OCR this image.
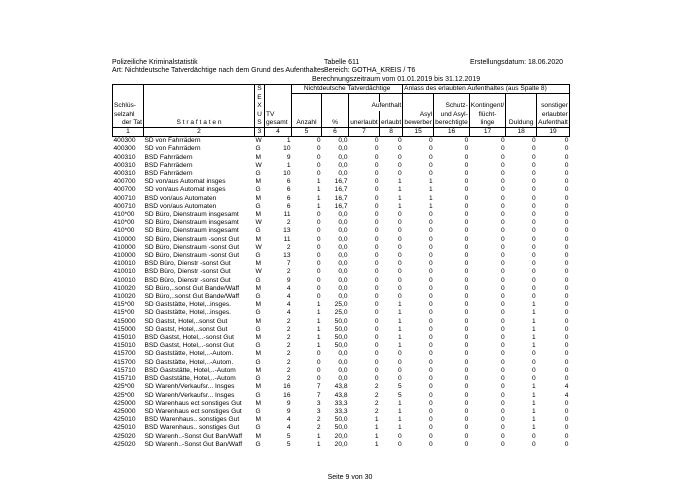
Polizeiliche Kriminalstatistik	Tabelle 611	Erstellungsdatum: 18.06.2020
Art: Nichtdeutsche Tatverdächtige nach dem Grund des Aufenthaltes Bereich: GOTHA_KREIS / T6
Berechnungszeitraum vom 01.01.2019 bis 31.12.2019
		S		Nichtdeutsche Tatverdächtige				Anlass des erlaubten Aufenthaltes (aus Spalte 8)				
		E										
Schlüs-		X				Aufenthalt			Schutz-	Kontingent/		sonstiger
selzahl		U	TV					Asyl	und Asyl-	flücht-		erlaubter
der Tat	S t r a f t a t e n	S	gesamt	Anzahl	%	unerlaubt	erlaubt	bewerber	berechtigte	linge	Duldung	Aufenthalt
1	2	3	4	5	6	7	8	15	16	17	18	19
400300	SD von Fahrrädern	W	1	0	0,0	0	0	0	0	0	0	0
400300	SD von Fahrrädern	G	10	0	0,0	0	0	0	0	0	0	0
400310	BSD Fahrrädern	M	9	0	0,0	0	0	0	0	0	0	0
400310	BSD Fahrrädern	W	1	0	0,0	0	0	0	0	0	0	0
400310	BSD Fahrrädern	G	10	0	0,0	0	0	0	0	0	0	0
400700	SD von/aus Automat insges	M	6	1	16,7	0	1	1	0	0	0	0
400700	SD von/aus Automat insges	G	6	1	16,7	0	1	1	0	0	0	0
400710	BSD von/aus Automaten	M	6	1	16,7	0	1	1	0	0	0	0
400710	BSD von/aus Automaten	G	6	1	16,7	0	1	1	0	0	0	0
410*00	SD Büro, Dienstraum insgesamt	M	11	0	0,0	0	0	0	0	0	0	0
410*00	SD Büro, Dienstraum insgesamt	W	2	0	0,0	0	0	0	0	0	0	0
410*00	SD Büro, Dienstraum insgesamt	G	13	0	0,0	0	0	0	0	0	0	0
410000	SD Büro, Dienstraum -sonst Gut	M	11	0	0,0	0	0	0	0	0	0	0
410000	SD Büro, Dienstraum -sonst Gut	W	2	0	0,0	0	0	0	0	0	0	0
410000	SD Büro, Dienstraum -sonst Gut	G	13	0	0,0	0	0	0	0	0	0	0
410010	BSD Büro, Dienstr -sonst Gut	M	7	0	0,0	0	0	0	0	0	0	0
410010	BSD Büro, Dienstr -sonst Gut	W	2	0	0,0	0	0	0	0	0	0	0
410010	BSD Büro, Dienstr -sonst Gut	G	9	0	0,0	0	0	0	0	0	0	0
410020	SD Büro,..sonst Gut Bande/Waff	M	4	0	0,0	0	0	0	0	0	0	0
410020	SD Büro,..sonst Gut Bande/Waff	G	4	0	0,0	0	0	0	0	0	0	0
415*00	SD Gaststätte, Hotel,..insges.	M	4	1	25,0	0	1	0	0	0	1	0
415*00	SD Gaststätte, Hotel,..insges.	G	4	1	25,0	0	1	0	0	0	1	0
415000	SD Gastst, Hotel,..sonst Gut	M	2	1	50,0	0	1	0	0	0	1	0
415000	SD Gastst, Hotel,..sonst Gut	G	2	1	50,0	0	1	0	0	0	1	0
415010	BSD Gastst, Hotel,..-sonst Gut	M	2	1	50,0	0	1	0	0	0	1	0
415010	BSD Gastst, Hotel,..-sonst Gut	G	2	1	50,0	0	1	0	0	0	1	0
415700	SD Gaststätte, Hotel,..-Autom.	M	2	0	0,0	0	0	0	0	0	0	0
415700	SD Gaststätte, Hotel,..-Autom.	G	2	0	0,0	0	0	0	0	0	0	0
415710	BSD Gaststätte, Hotel,..-Autom	M	2	0	0,0	0	0	0	0	0	0	0
415710	BSD Gaststätte, Hotel,..-Autom	G	2	0	0,0	0	0	0	0	0	0	0
425*00	SD Warenh/Verkaufsr... Insges	M	16	7	43,8	2	5	0	0	0	1	4
425*00	SD Warenh/Verkaufsr... Insges	G	16	7	43,8	2	5	0	0	0	1	4
425000	SD Warenhaus ect sonstiges Gut	M	9	3	33,3	2	1	0	0	0	1	0
425000	SD Warenhaus ect sonstiges Gut	G	9	3	33,3	2	1	0	0	0	1	0
425010	BSD Warenhaus.. sonstiges Gut	M	4	2	50,0	1	1	0	0	0	1	0
425010	BSD Warenhaus.. sonstiges Gut	G	4	2	50,0	1	1	0	0	0	1	0
425020	SD Warenh..-Sonst Gut Ban/Waff	M	5	1	20,0	1	0	0	0	0	0	0
425020	SD Warenh..-Sonst Gut Ban/Waff	G	5	1	20,0	1	0	0	0	0	0	0
Seite 9 von 30
